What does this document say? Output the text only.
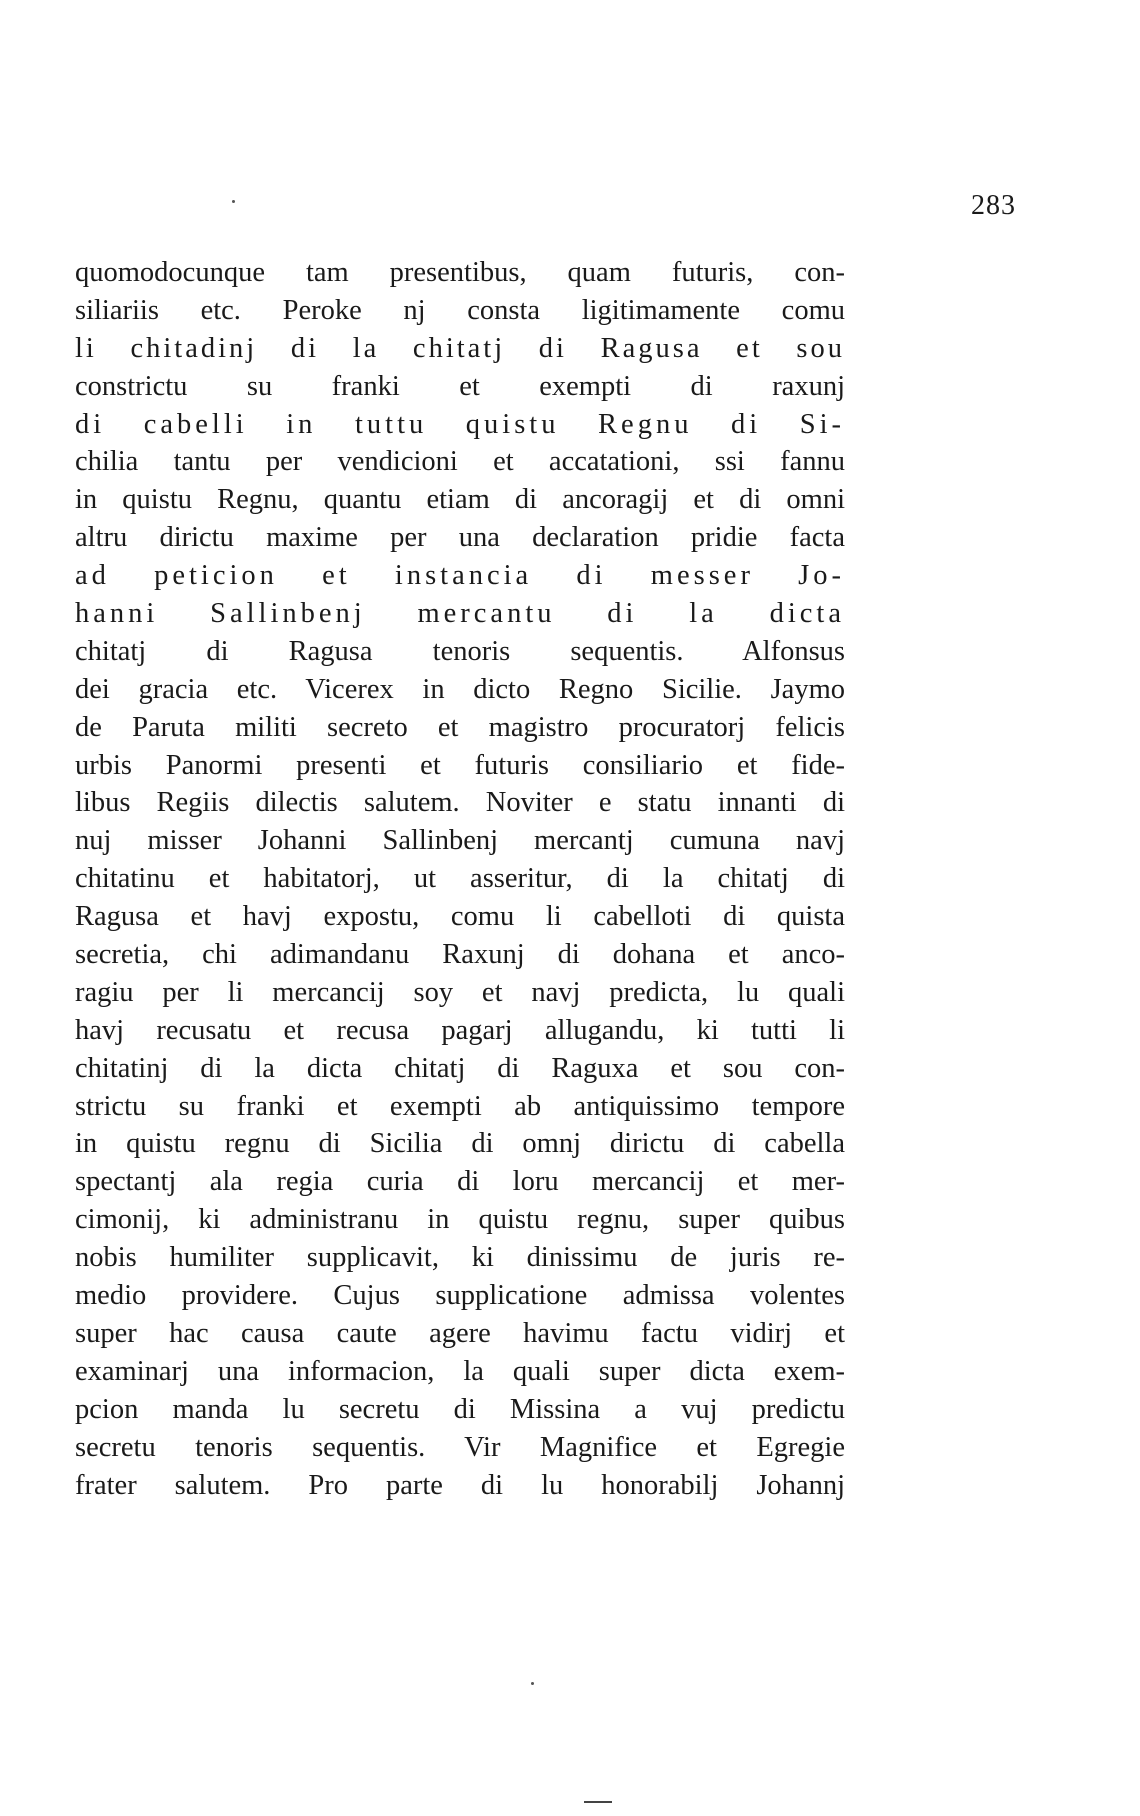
283
quomodocunque tam presentibus, quam futuris, con-
siliariis etc. Peroke nj consta ligitimamente comu
li chitadinj di la chitatj di Ragusa et sou
constrictu su franki et exempti di raxunj
di cabelli in tuttu quistu Regnu di Si-
chilia tantu per vendicioni et accatationi, ssi fannu
in quistu Regnu, quantu etiam di ancoragij et di omni
altru dirictu maxime per una declaration pridie facta
ad peticion et instancia di messer Jo-
hanni Sallinbenj mercantu di la dicta
chitatj di Ragusa tenoris sequentis. Alfonsus
dei gracia etc. Vicerex in dicto Regno Sicilie. Jaymo
de Paruta militi secreto et magistro procuratorj felicis
urbis Panormi presenti et futuris consiliario et fide-
libus Regiis dilectis salutem. Noviter e statu innanti di
nuj misser Johanni Sallinbenj mercantj cumuna navj
chitatinu et habitatorj, ut asseritur, di la chitatj di
Ragusa et havj expostu, comu li cabelloti di quista
secretia, chi adimandanu Raxunj di dohana et anco-
ragiu per li mercancij soy et navj predicta, lu quali
havj recusatu et recusa pagarj allugandu, ki tutti li
chitatinj di la dicta chitatj di Raguxa et sou con-
strictu su franki et exempti ab antiquissimo tempore
in quistu regnu di Sicilia di omnj dirictu di cabella
spectantj ala regia curia di loru mercancij et mer-
cimonij, ki administranu in quistu regnu, super quibus
nobis humiliter supplicavit, ki dinissimu de juris re-
medio providere. Cujus supplicatione admissa volentes
super hac causa caute agere havimu factu vidirj et
examinarj una informacion, la quali super dicta exem-
pcion manda lu secretu di Missina a vuj predictu
secretu tenoris sequentis. Vir Magnifice et Egregie
frater salutem. Pro parte di lu honorabilj Johannj
